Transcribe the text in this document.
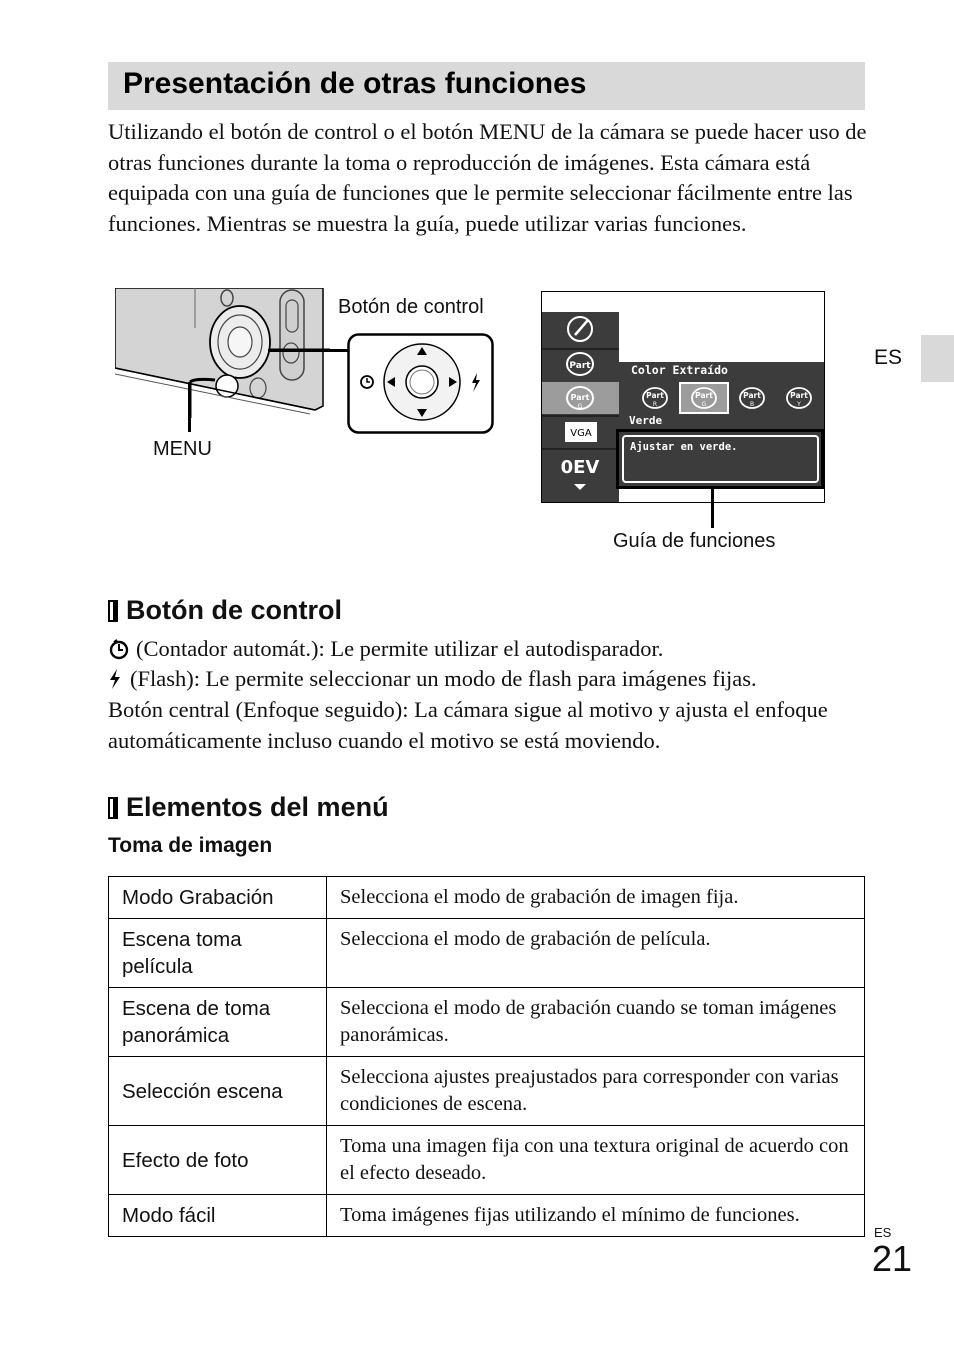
Presentación de otras funciones

Utilizando el botón de control o el botón MENU de la cámara se puede hacer uso de otras funciones durante la toma o reproducción de imágenes. Esta cámara está equipada con una guía de funciones que le permite seleccionar fácilmente entre las funciones. Mientras se muestra la guía, puede utilizar varias funciones.

ES
Botón de control
MENU
Part
Part
G
VGA
0EV
Color Extraído
Part
R
Part
G
Part
B
Part
Y
Verde
Ajustar en verde.
Guía de funciones
Botón de control
(Contador automát.): Le permite utilizar el autodisparador.
(Flash): Le permite seleccionar un modo de flash para imágenes fijas.
Botón central (Enfoque seguido): La cámara sigue al motivo y ajusta el enfoque automáticamente incluso cuando el motivo se está moviendo.
Elementos del menú
Toma de imagen
Modo Grabación	Selecciona el modo de grabación de imagen fija.
Escena toma película	Selecciona el modo de grabación de película.
Escena de toma panorámica	Selecciona el modo de grabación cuando se toman imágenes panorámicas.
Selección escena	Selecciona ajustes preajustados para corresponder con varias condiciones de escena.
Efecto de foto	Toma una imagen fija con una textura original de acuerdo con el efecto deseado.
Modo fácil	Toma imágenes fijas utilizando el mínimo de funciones.
ES
21
